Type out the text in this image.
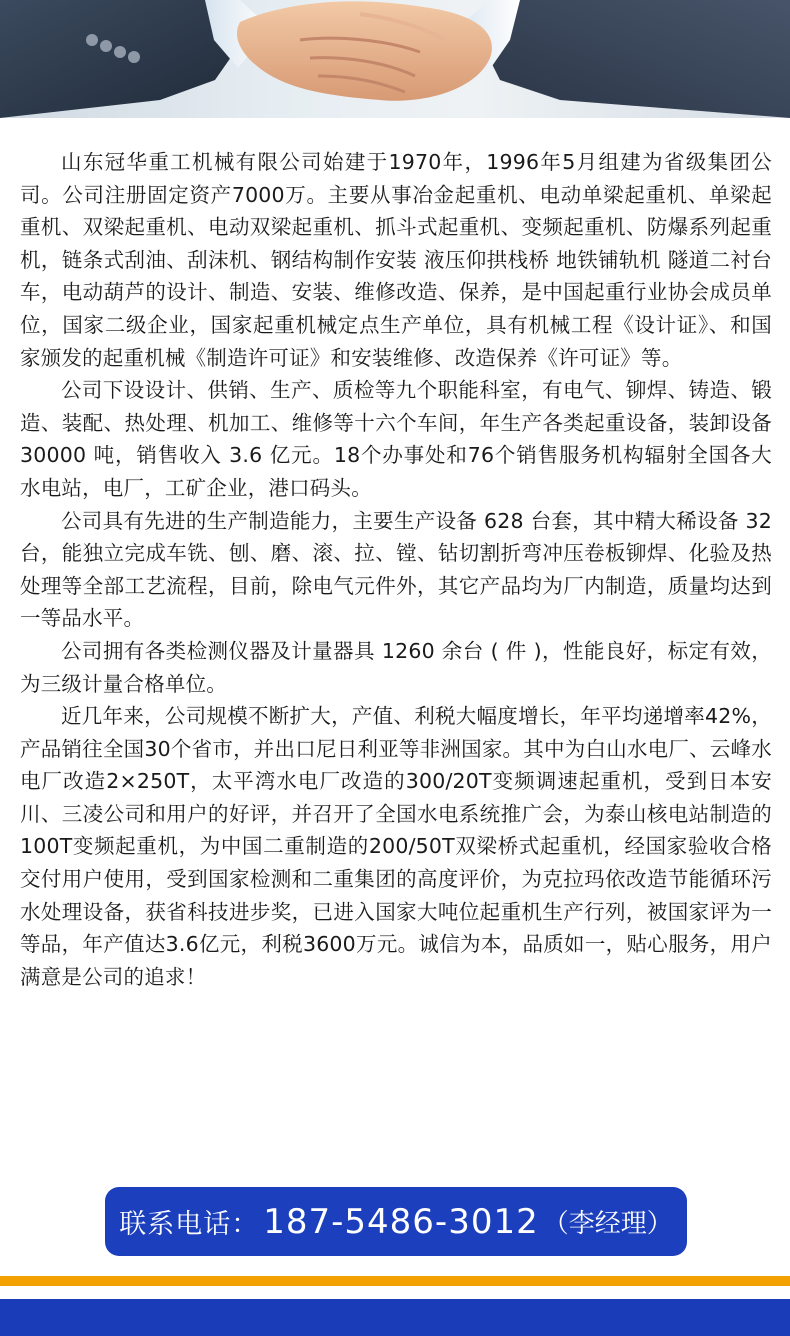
山东冠华重工机械有限公司始建于1970年，1996年5月组建为省级集团公司。公司注册固定资产7000万。主要从事冶金起重机、电动单梁起重机、单梁起重机、双梁起重机、电动双梁起重机、抓斗式起重机、变频起重机、防爆系列起重机，链条式刮油、刮沫机、钢结构制作安装 液压仰拱栈桥 地铁铺轨机 隧道二衬台车，电动葫芦的设计、制造、安装、维修改造、保养，是中国起重行业协会成员单位，国家二级企业，国家起重机械定点生产单位，具有机械工程《设计证》、和国家颁发的起重机械《制造许可证》和安装维修、改造保养《许可证》等。

公司下设设计、供销、生产、质检等九个职能科室，有电气、铆焊、铸造、锻造、装配、热处理、机加工、维修等十六个车间，年生产各类起重设备，装卸设备 30000 吨，销售收入 3.6 亿元。18个办事处和76个销售服务机构辐射全国各大水电站，电厂，工矿企业，港口码头。

公司具有先进的生产制造能力，主要生产设备 628 台套，其中精大稀设备 32 台，能独立完成车铣、刨、磨、滚、拉、镗、钻切割折弯冲压卷板铆焊、化验及热处理等全部工艺流程，目前，除电气元件外，其它产品均为厂内制造，质量均达到一等品水平。

公司拥有各类检测仪器及计量器具 1260 余台 ( 件 )，性能良好，标定有效，为三级计量合格单位。

近几年来，公司规模不断扩大，产值、利税大幅度增长，年平均递增率42%，产品销往全国30个省市，并出口尼日利亚等非洲国家。其中为白山水电厂、云峰水电厂改造2×250T，太平湾水电厂改造的300/20T变频调速起重机，受到日本安川、三凌公司和用户的好评，并召开了全国水电系统推广会，为泰山核电站制造的100T变频起重机，为中国二重制造的200/50T双梁桥式起重机，经国家验收合格交付用户使用，受到国家检测和二重集团的高度评价，为克拉玛依改造节能循环污水处理设备，获省科技进步奖，已进入国家大吨位起重机生产行列，被国家评为一等品，年产值达3.6亿元，利税3600万元。诚信为本，品质如一，贴心服务，用户满意是公司的追求！

联系电话： 187-5486-3012 （李经理）
